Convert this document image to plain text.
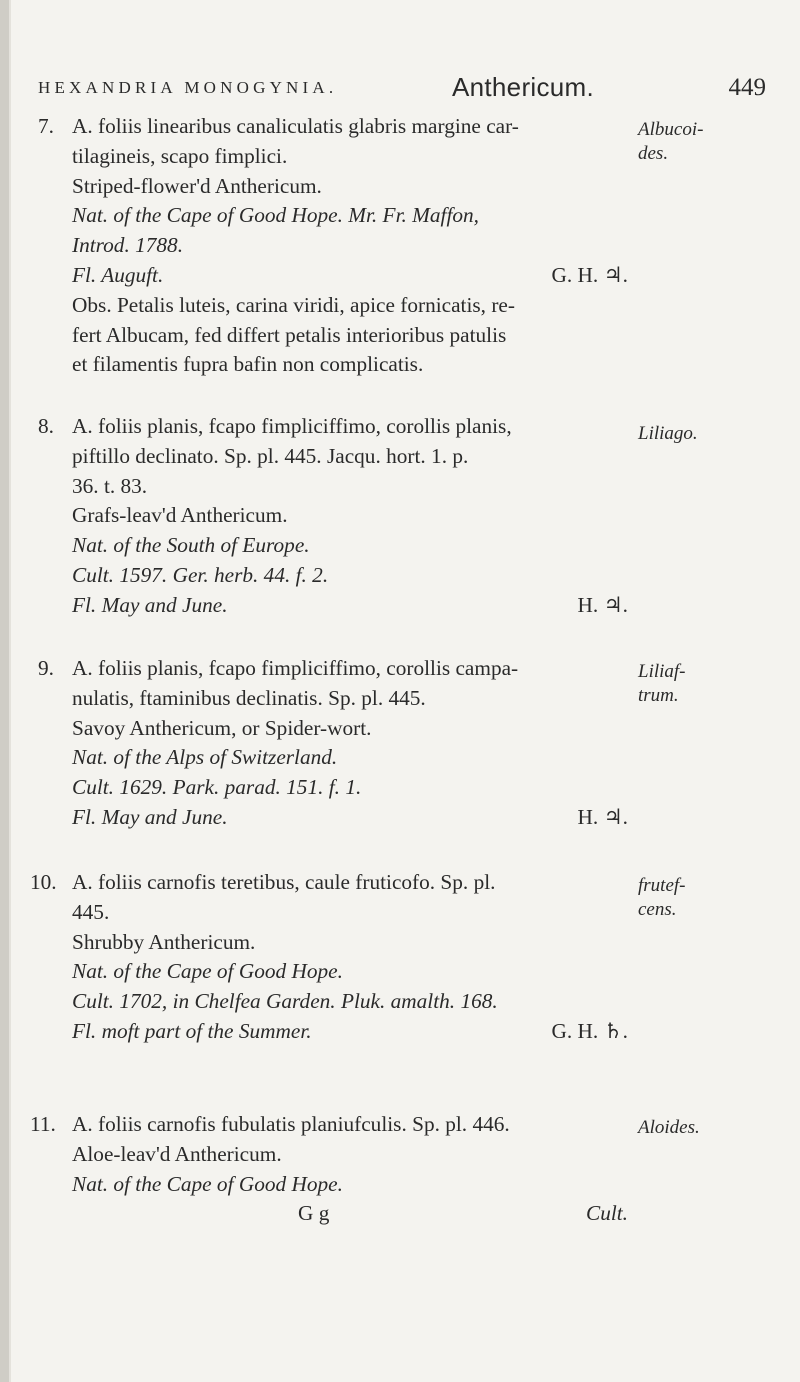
HEXANDRIA MONOGYNIA.	Anthericum.	449
7. A. foliis linearibus canaliculatis glabris margine car-
tilagineis, scapo fimplici.
Striped-flower'd Anthericum.
Nat. of the Cape of Good Hope. Mr. Fr. Maffon,
Introd. 1788.
Fl. Auguft.	G. H. ♃.
Obs. Petalis luteis, carina viridi, apice fornicatis, re-
fert Albucam, fed differt petalis interioribus patulis
et filamentis fupra bafin non complicatis.
Albucoi-
des.
8. A. foliis planis, fcapo fimpliciffimo, corollis planis,
piftillo declinato. Sp. pl. 445. Jacqu. hort. 1. p.
36. t. 83.
Grafs-leav'd Anthericum.
Nat. of the South of Europe.
Cult. 1597. Ger. herb. 44. f. 2.
Fl. May and June.	H. ♃.
Liliago.
9. A. foliis planis, fcapo fimpliciffimo, corollis campa-
nulatis, ftaminibus declinatis. Sp. pl. 445.
Savoy Anthericum, or Spider-wort.
Nat. of the Alps of Switzerland.
Cult. 1629. Park. parad. 151. f. 1.
Fl. May and June.	H. ♃.
Liliaf-
trum.
10. A. foliis carnofis teretibus, caule fruticofo. Sp. pl.
445.
Shrubby Anthericum.
Nat. of the Cape of Good Hope.
Cult. 1702, in Chelfea Garden. Pluk. amalth. 168.
Fl. moft part of the Summer.	G. H. ♄.
frutef-
cens.
11. A. foliis carnofis fubulatis planiufculis. Sp. pl. 446.
Aloe-leav'd Anthericum.
Nat. of the Cape of Good Hope.
G g	Cult.
Aloides.
